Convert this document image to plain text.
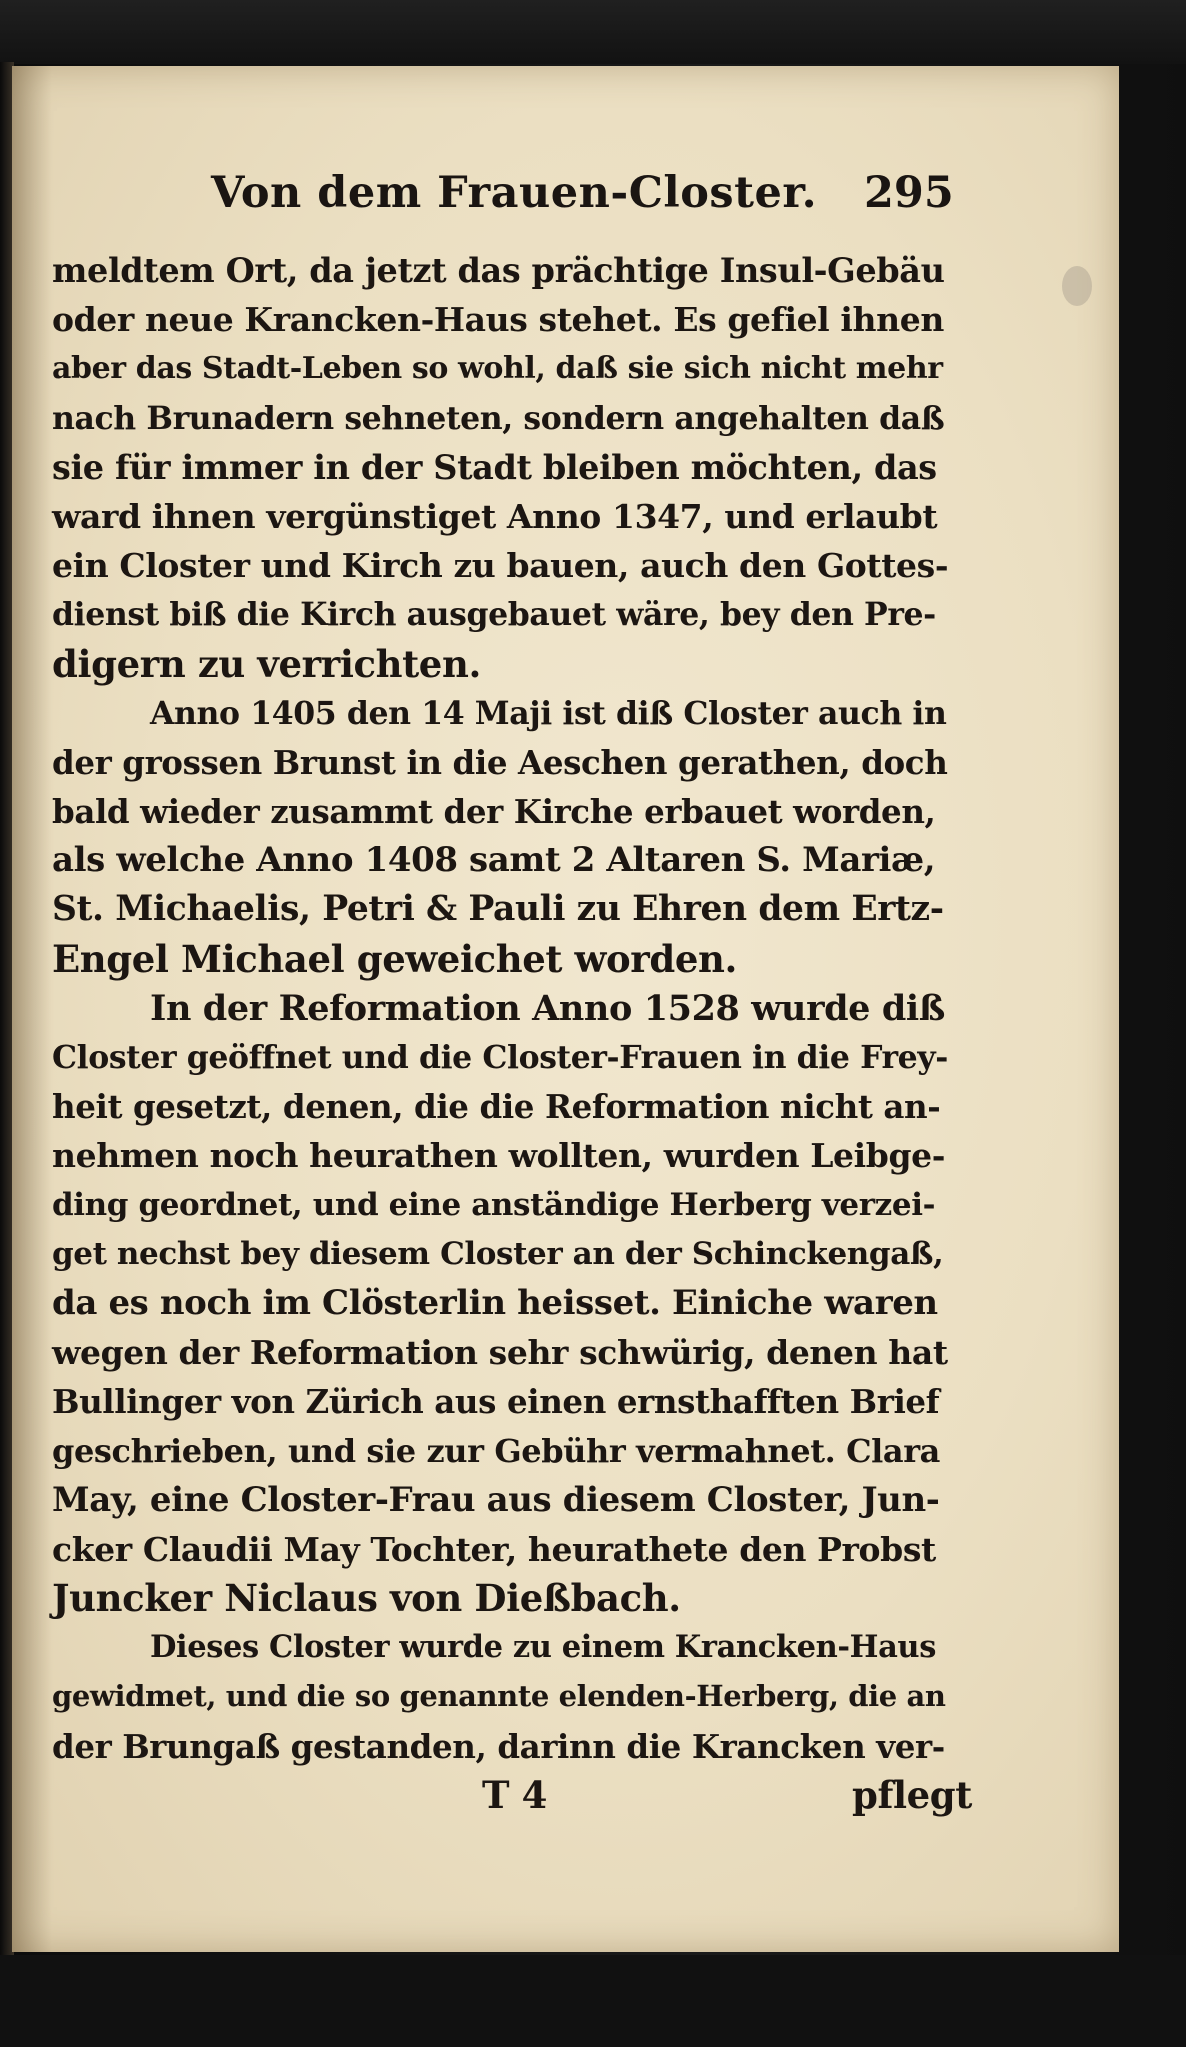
Von dem Frauen-Closter.	295
meldtem Ort, da jetzt das prächtige Insul-Gebäu
oder neue Krancken-Haus stehet. Es gefiel ihnen
aber das Stadt-Leben so wohl, daß sie sich nicht mehr
nach Brunadern sehneten, sondern angehalten daß
sie für immer in der Stadt bleiben möchten, das
ward ihnen vergünstiget Anno 1347, und erlaubt
ein Closter und Kirch zu bauen, auch den Gottes-
dienst biß die Kirch ausgebauet wäre, bey den Pre-
digern zu verrichten.
Anno 1405 den 14 Maji ist diß Closter auch in
der grossen Brunst in die Aeschen gerathen, doch
bald wieder zusammt der Kirche erbauet worden,
als welche Anno 1408 samt 2 Altaren S. Mariæ,
St. Michaelis, Petri & Pauli zu Ehren dem Ertz-
Engel Michael geweichet worden.
In der Reformation Anno 1528 wurde diß
Closter geöffnet und die Closter-Frauen in die Frey-
heit gesetzt, denen, die die Reformation nicht an-
nehmen noch heurathen wollten, wurden Leibge-
ding geordnet, und eine anständige Herberg verzei-
get nechst bey diesem Closter an der Schinckengaß,
da es noch im Clösterlin heisset. Einiche waren
wegen der Reformation sehr schwürig, denen hat
Bullinger von Zürich aus einen ernsthafften Brief
geschrieben, und sie zur Gebühr vermahnet. Clara
May, eine Closter-Frau aus diesem Closter, Jun-
cker Claudii May Tochter, heurathete den Probst
Juncker Niclaus von Dießbach.
Dieses Closter wurde zu einem Krancken-Haus
gewidmet, und die so genannte elenden-Herberg, die an
der Brungaß gestanden, darinn die Krancken ver-
T 4	pflegt
